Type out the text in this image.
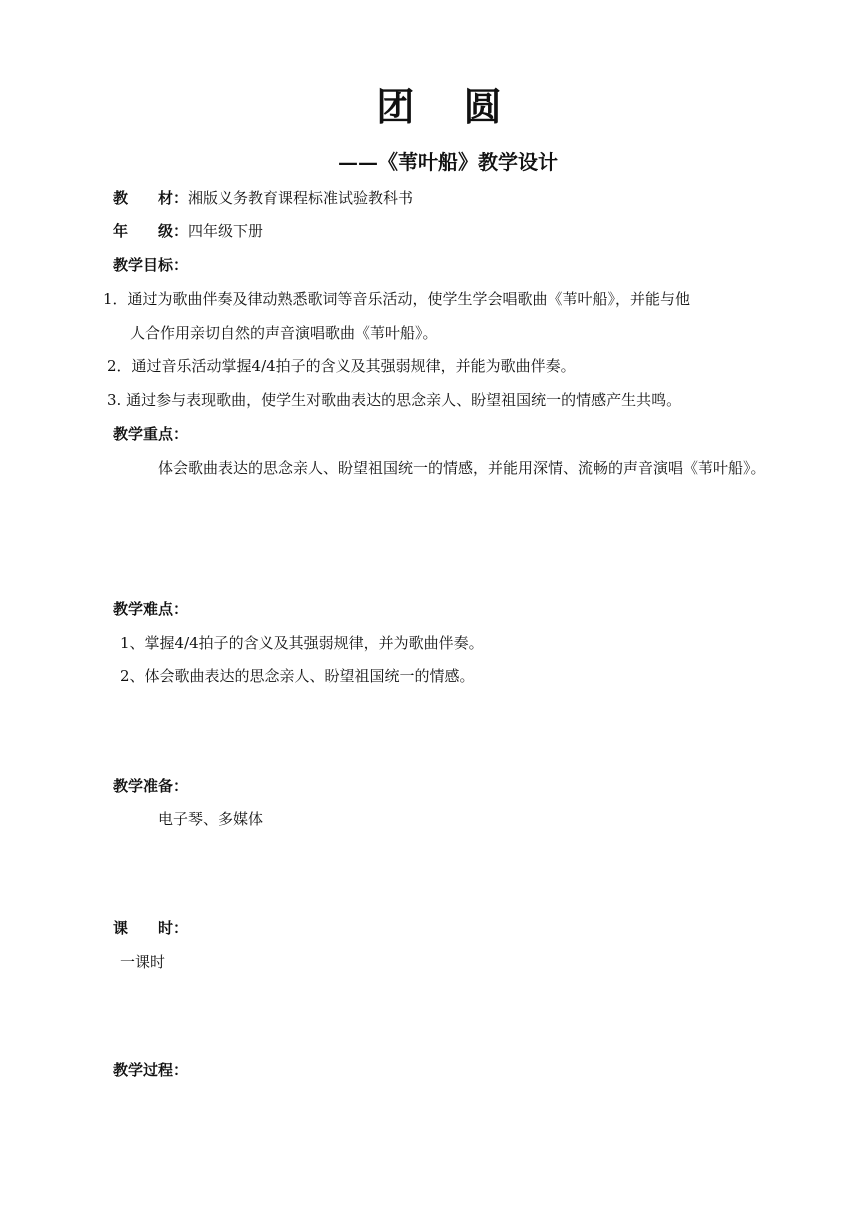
团 圆
——《苇叶船》教学设计
教 材：湘版义务教育课程标准试验教科书
年 级：四年级下册
教学目标：
1．通过为歌曲伴奏及律动熟悉歌词等音乐活动，使学生学会唱歌曲《苇叶船》，并能与他
人合作用亲切自然的声音演唱歌曲《苇叶船》。
2．通过音乐活动掌握4/4拍子的含义及其强弱规律，并能为歌曲伴奏。
3. 通过参与表现歌曲，使学生对歌曲表达的思念亲人、盼望祖国统一的情感产生共鸣。
教学重点：
体会歌曲表达的思念亲人、盼望祖国统一的情感，并能用深情、流畅的声音演唱《苇叶船》。
教学难点：
1、掌握4/4拍子的含义及其强弱规律，并为歌曲伴奏。
2、体会歌曲表达的思念亲人、盼望祖国统一的情感。
教学准备：
电子琴、多媒体
课 时：
一课时
教学过程：
